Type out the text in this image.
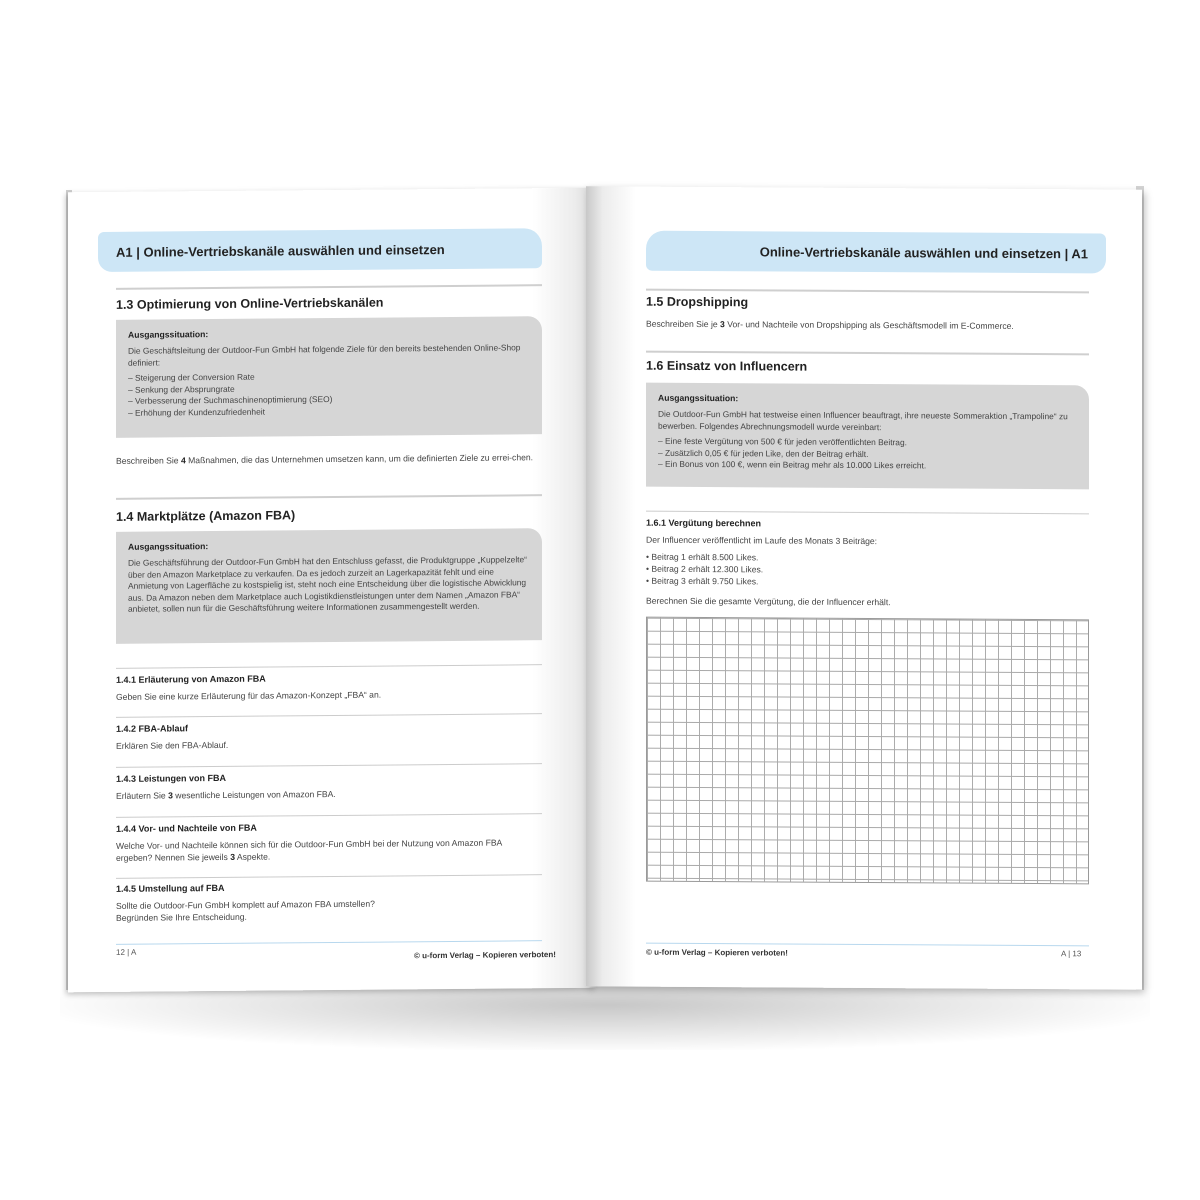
A1 | Online-Vertriebskanäle auswählen und einsetzen
1.3 Optimierung von Online-Vertriebskanälen
Ausgangssituation:
Die Geschäftsleitung der Outdoor-Fun GmbH hat folgende Ziele für den bereits bestehenden Online-Shop definiert:
– Steigerung der Conversion Rate
– Senkung der Absprungrate
– Verbesserung der Suchmaschinenoptimierung (SEO)
– Erhöhung der Kundenzufriedenheit
Beschreiben Sie 4 Maßnahmen, die das Unternehmen umsetzen kann, um die definierten Ziele zu errei-chen.
1.4 Marktplätze (Amazon FBA)
Ausgangssituation:
Die Geschäftsführung der Outdoor-Fun GmbH hat den Entschluss gefasst, die Produktgruppe „Kuppelzelte“ über den Amazon Marketplace zu verkaufen. Da es jedoch zurzeit an Lagerkapazität fehlt und eine Anmietung von Lagerfläche zu kostspielig ist, steht noch eine Entscheidung über die logistische Abwicklung aus. Da Amazon neben dem Marketplace auch Logistikdienstleistungen unter dem Namen „Amazon FBA“ anbietet, sollen nun für die Geschäftsführung weitere Informationen zusammengestellt werden.
1.4.1 Erläuterung von Amazon FBA
Geben Sie eine kurze Erläuterung für das Amazon-Konzept „FBA“ an.
1.4.2 FBA-Ablauf
Erklären Sie den FBA-Ablauf.
1.4.3 Leistungen von FBA
Erläutern Sie 3 wesentliche Leistungen von Amazon FBA.
1.4.4 Vor- und Nachteile von FBA
Welche Vor- und Nachteile können sich für die Outdoor-Fun GmbH bei der Nutzung von Amazon FBA
ergeben? Nennen Sie jeweils 3 Aspekte.
1.4.5 Umstellung auf FBA
Sollte die Outdoor-Fun GmbH komplett auf Amazon FBA umstellen?
Begründen Sie Ihre Entscheidung.
12 | A	© u-form Verlag – Kopieren verboten!
Online-Vertriebskanäle auswählen und einsetzen | A1
1.5 Dropshipping
Beschreiben Sie je 3 Vor- und Nachteile von Dropshipping als Geschäftsmodell im E-Commerce.
1.6 Einsatz von Influencern
Ausgangssituation:
Die Outdoor-Fun GmbH hat testweise einen Influencer beauftragt, ihre neueste Sommeraktion „Trampoline“ zu bewerben. Folgendes Abrechnungsmodell wurde vereinbart:
– Eine feste Vergütung von 500 € für jeden veröffentlichten Beitrag.
– Zusätzlich 0,05 € für jeden Like, den der Beitrag erhält.
– Ein Bonus von 100 €, wenn ein Beitrag mehr als 10.000 Likes erreicht.
1.6.1 Vergütung berechnen
Der Influencer veröffentlicht im Laufe des Monats 3 Beiträge:
• Beitrag 1 erhält 8.500 Likes.
• Beitrag 2 erhält 12.300 Likes.
• Beitrag 3 erhält 9.750 Likes.
Berechnen Sie die gesamte Vergütung, die der Influencer erhält.
© u-form Verlag – Kopieren verboten!	A | 13
